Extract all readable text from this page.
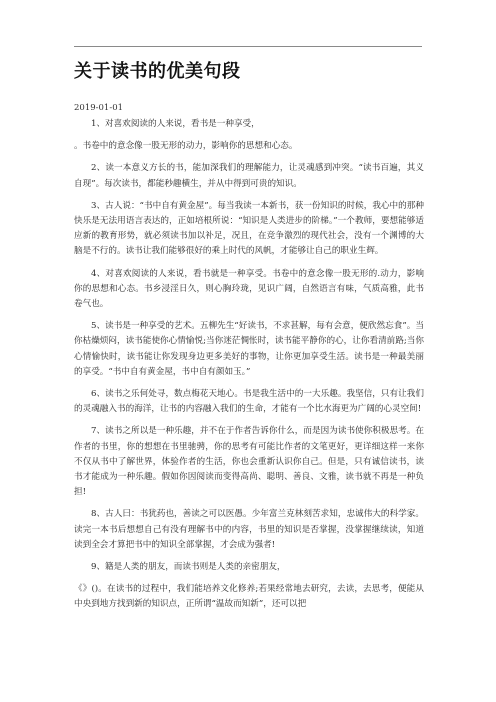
关于读书的优美句段
2019-01-01

1、对喜欢阅读的人来说，看书是一种享受，

。书卷中的意念像一股无形的动力，影响你的思想和心态。

2、读一本意义方长的书，能加深我们的理解能力，让灵魂感到冲突。“读书百遍，其义自现”。每次读书，都能秒趣横生，并从中得到可贵的知识。

3、古人说：“书中自有黄金屋”。每当我读一本新书，获一份知识的时候，我心中的那种快乐是无法用语言表达的，正如培根所说：“知识是人类进步的阶梯。”一个教师，要想能够适应新的教育形势，就必须读书加以补足，况且，在竞争激烈的现代社会，没有一个渊博的大脑是不行的。读书让我们能够很好的乘上时代的风帆，才能够让自己的职业生辉。

4、对喜欢阅读的人来说，看书就是一种享受。书卷中的意念像一股无形的.动力，影响你的思想和心态。书乡浸淫日久，则心胸玲珑，见识广阔，自然语言有味，气质高雅，此书卷气也。

5、读书是一种享受的艺术。五柳先生“好读书，不求甚解，每有会意，便欣然忘食”。当你枯燥烦闷，读书能使你心情愉悦;当你迷茫惆怅时，读书能平静你的心，让你看清前路;当你心情愉快时，读书能让你发现身边更多美好的事物，让你更加享受生活。读书是一种最美丽的享受。“书中自有黄金屋，书中自有颜如玉。”

6、读书之乐何处寻，数点梅花天地心。书是我生活中的一大乐趣。我坚信，只有让我们的灵魂融入书的海洋，让书的内容融入我们的生命，才能有一个比水海更为广阔的心灵空间!

7、读书之所以是一种乐趣，并不在于作者告诉你什么，而是因为读书使你积极思考。在作者的书里，你的想想在书里驰骋，你的思考有可能比作者的文笔更好，更详细这样一来你不仅从书中了解世界，体验作者的生活，你也会重新认识你自己。但是，只有诚信读书，读书才能成为一种乐趣。假如你因阅读而变得高尚、聪明、善良、文雅，读书就不再是一种负担!

8、古人曰：书犹药也，善读之可以医愚。少年富兰克林刻苦求知，忠诚伟大的科学家。读完一本书后想想自己有没有理解书中的内容，书里的知识是否掌握，没掌握继续读，知道读到全会才算把书中的知识全部掌握，才会成为强者!

9、籍是人类的朋友，而读书则是人类的亲密朋友，

《》()。在读书的过程中，我们能培养文化修养;若果经常地去研究，去读，去思考，便能从中央到地方找到新的知识点，正所谓“温故而知新”，还可以把
